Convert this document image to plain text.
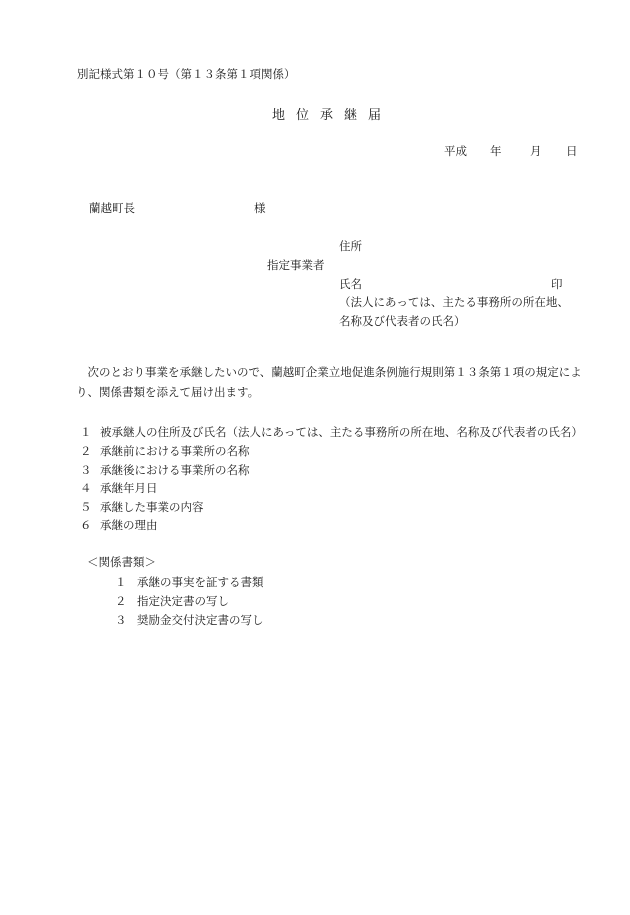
別記様式第１０号（第１３条第１項関係）
地位承継届
平成 年 月 日
蘭越町長	様
住所
指定事業者
氏名	印
（法人にあっては、主たる事務所の所在地、
名称及び代表者の氏名）
　次のとおり事業を承継したいので、蘭越町企業立地促進条例施行規則第１３条第１項の規定により、関係書類を添えて届け出ます。
１ 被承継人の住所及び氏名（法人にあっては、主たる事務所の所在地、名称及び代表者の氏名）
２ 承継前における事業所の名称
３ 承継後における事業所の名称
４ 承継年月日
５ 承継した事業の内容
６ 承継の理由
＜関係書類＞
１ 承継の事実を証する書類
２ 指定決定書の写し
３ 奨励金交付決定書の写し
